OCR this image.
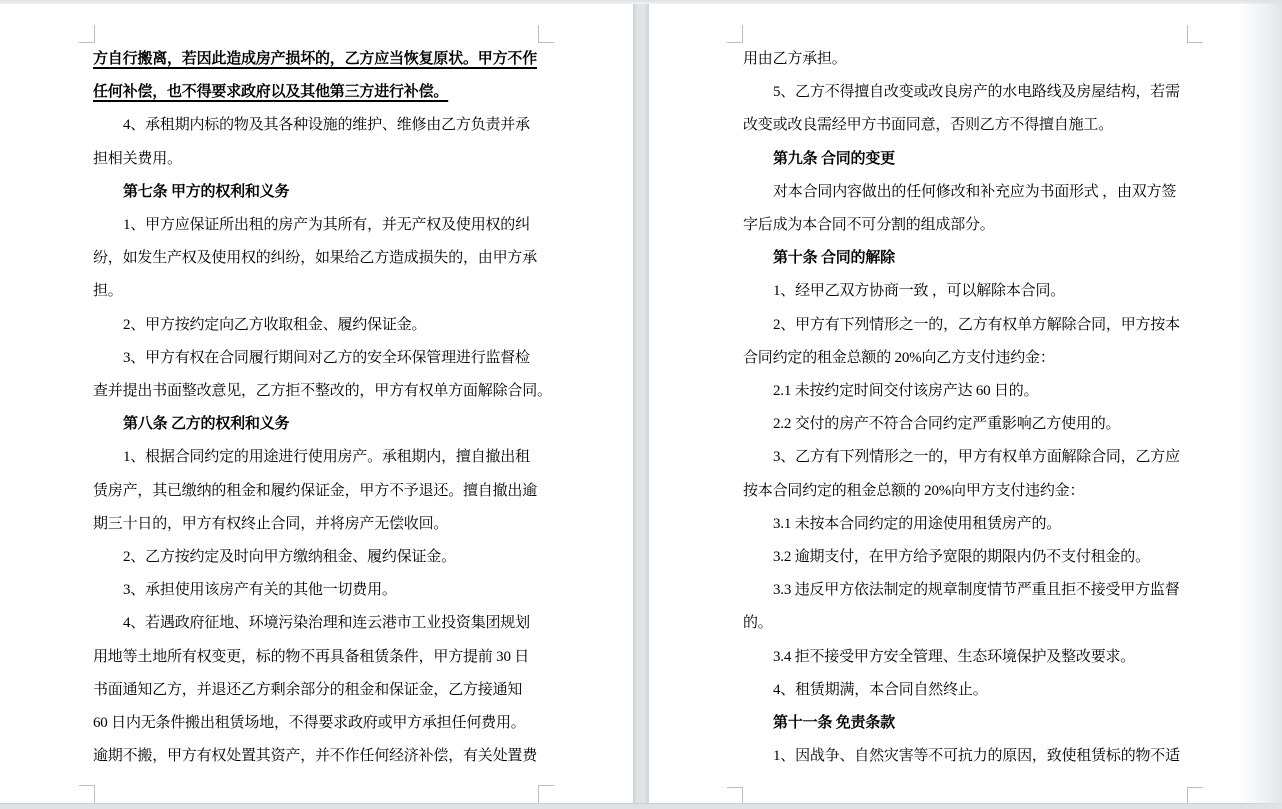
方自行搬离，若因此造成房产损坏的，乙方应当恢复原状。甲方不作
任何补偿，也不得要求政府以及其他第三方进行补偿。
4、承租期内标的物及其各种设施的维护、维修由乙方负责并承
担相关费用。
第七条 甲方的权利和义务
1、甲方应保证所出租的房产为其所有，并无产权及使用权的纠
纷，如发生产权及使用权的纠纷，如果给乙方造成损失的，由甲方承
担。
2、甲方按约定向乙方收取租金、履约保证金。
3、甲方有权在合同履行期间对乙方的安全环保管理进行监督检
查并提出书面整改意见，乙方拒不整改的，甲方有权单方面解除合同。
第八条 乙方的权利和义务
1、根据合同约定的用途进行使用房产。承租期内，擅自撤出租
赁房产，其已缴纳的租金和履约保证金，甲方不予退还。擅自撤出逾
期三十日的，甲方有权终止合同，并将房产无偿收回。
2、乙方按约定及时向甲方缴纳租金、履约保证金。
3、承担使用该房产有关的其他一切费用。
4、若遇政府征地、环境污染治理和连云港市工业投资集团规划
用地等土地所有权变更，标的物不再具备租赁条件，甲方提前 30 日
书面通知乙方，并退还乙方剩余部分的租金和保证金，乙方接通知
60 日内无条件搬出租赁场地，不得要求政府或甲方承担任何费用。
逾期不搬，甲方有权处置其资产，并不作任何经济补偿，有关处置费
用由乙方承担。
5、乙方不得擅自改变或改良房产的水电路线及房屋结构，若需
改变或改良需经甲方书面同意，否则乙方不得擅自施工。
第九条 合同的变更
对本合同内容做出的任何修改和补充应为书面形式 ，由双方签
字后成为本合同不可分割的组成部分。
第十条 合同的解除
1、经甲乙双方协商一致 ，可以解除本合同。
2、甲方有下列情形之一的，乙方有权单方解除合同，甲方按本
合同约定的租金总额的 20%向乙方支付违约金：
2.1 未按约定时间交付该房产达 60 日的。
2.2 交付的房产不符合合同约定严重影响乙方使用的。
3、乙方有下列情形之一的，甲方有权单方面解除合同，乙方应
按本合同约定的租金总额的 20%向甲方支付违约金：
3.1 未按本合同约定的用途使用租赁房产的。
3.2 逾期支付，在甲方给予宽限的期限内仍不支付租金的。
3.3 违反甲方依法制定的规章制度情节严重且拒不接受甲方监督
的。
3.4 拒不接受甲方安全管理、生态环境保护及整改要求。
4、租赁期满，本合同自然终止。
第十一条 免责条款
1、因战争、自然灾害等不可抗力的原因，致使租赁标的物不适
